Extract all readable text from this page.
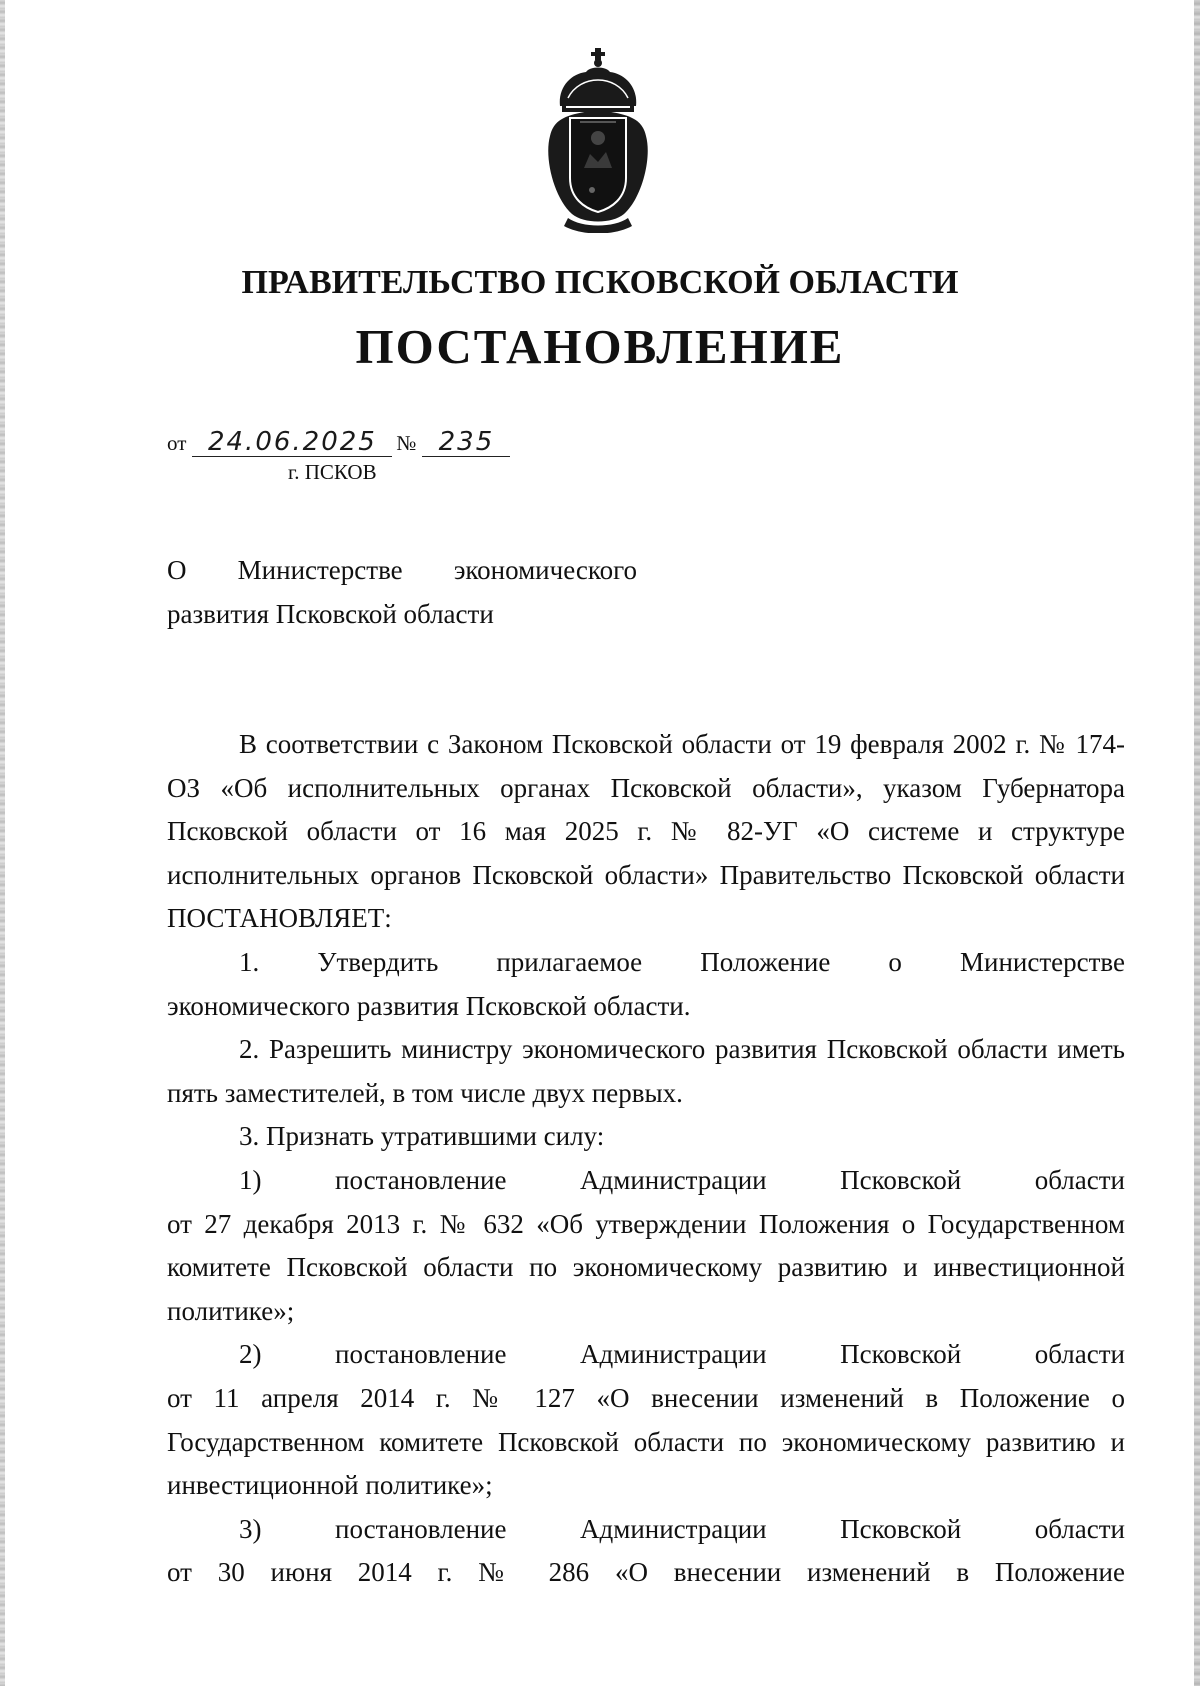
ПРАВИТЕЛЬСТВО ПСКОВСКОЙ ОБЛАСТИ
ПОСТАНОВЛЕНИЕ
от 24.06.2025 № 235
г. ПСКОВ
О Министерстве экономического
развития Псковской области

В соответствии с Законом Псковской области от 19 февраля 2002 г. № 174-ОЗ «Об исполнительных органах Псковской области», указом Губернатора Псковской области от 16 мая 2025 г. № 82-УГ «О системе и структуре исполнительных органов Псковской области» Правительство Псковской области ПОСТАНОВЛЯЕТ:

1. Утвердить прилагаемое Положение о Министерстве

экономического развития Псковской области.

2. Разрешить министру экономического развития Псковской области иметь пять заместителей, в том числе двух первых.

3. Признать утратившими силу:

1)	постановление	Администрации	Псковской	области

от 27 декабря 2013 г. № 632 «Об утверждении Положения о Государственном комитете Псковской области по экономическому развитию и инвестиционной политике»;

2)	постановление	Администрации	Псковской	области

от 11 апреля 2014 г. № 127 «О внесении изменений в Положение о Государственном комитете Псковской области по экономическому развитию и инвестиционной политике»;

3)	постановление	Администрации	Псковской	области

от 30 июня 2014 г. № 286 «О внесении изменений в Положение
